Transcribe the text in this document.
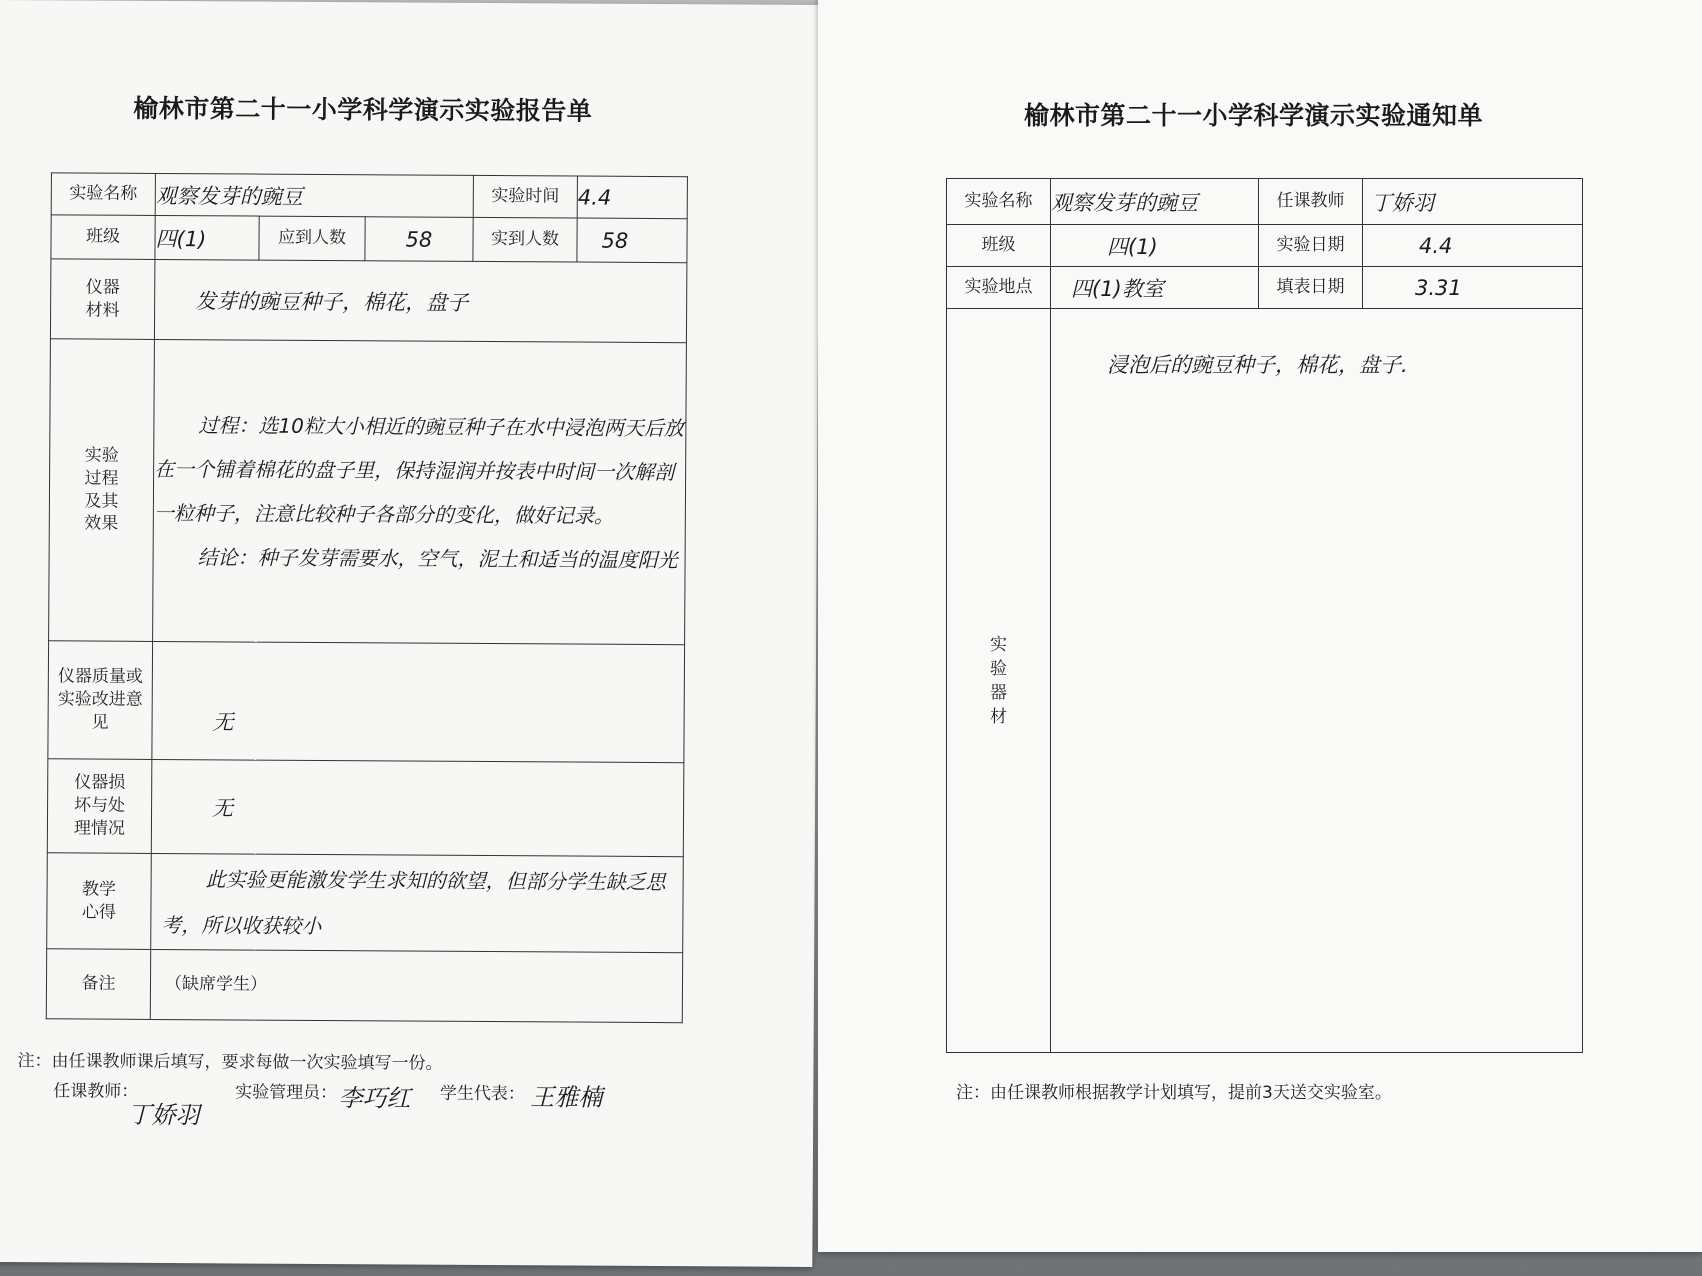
榆林市第二十一小学科学演示实验报告单
实验名称	观察发芽的豌豆			实验时间	4.4
班级	四(1)	应到人数	58	实到人数	58
仪器材料	发芽的豌豆种子，棉花，盘子				
实验过程及其效果	过程：选10粒大小相近的豌豆种子在水中浸泡两天后放在一个铺着棉花的盘子里，保持湿润并按表中时间一次解剖一粒种子，注意比较种子各部分的变化，做好记录。
结论：种子发芽需要水，空气，泥土和适当的温度阳光				

仪器质量或实验改进意见	无				
仪器损坏与处理情况	无				
教学心得	此实验更能激发学生求知的欲望，但部分学生缺乏思考，所以收获较小				
备注	（缺席学生）				
注：由任课教师课后填写，要求每做一次实验填写一份。
任课教师： 丁娇羽 实验管理员： 李巧红 学生代表： 王雅楠
榆林市第二十一小学科学演示实验通知单
实验名称	观察发芽的豌豆	任课教师	丁娇羽
班级	四(1)	实验日期	4.4
实验地点	四(1)教室	填表日期	3.31

实验器材	浸泡后的豌豆种子，棉花，盘子.		
注：由任课教师根据教学计划填写，提前3天送交实验室。
